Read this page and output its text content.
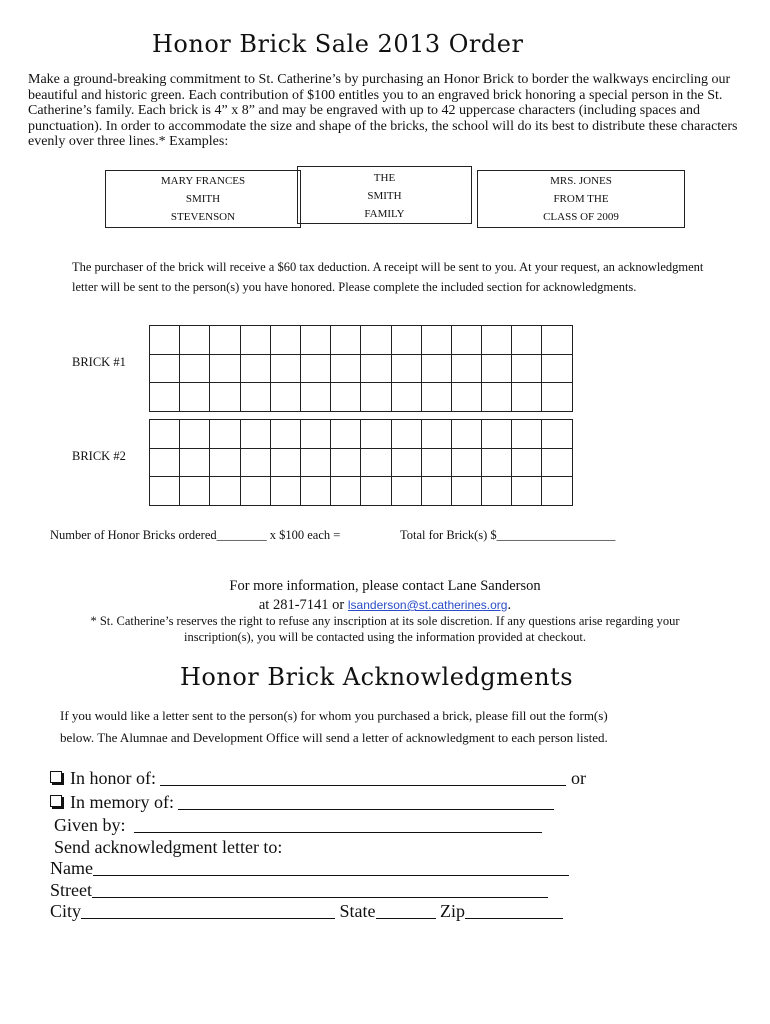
Honor Brick Sale 2013 Order

Make a ground-breaking commitment to St. Catherine’s by purchasing an Honor Brick to border the walkways encircling our beautiful and historic green. Each contribution of $100 entitles you to an engraved brick honoring a special person in the St. Catherine’s family. Each brick is 4” x 8” and may be engraved with up to 42 uppercase characters (including spaces and punctuation). In order to accommodate the size and shape of the bricks, the school will do its best to distribute these characters evenly over three lines.* Examples:

MARY FRANCES
SMITH
STEVENSON
THE
SMITH
FAMILY
MRS. JONES
FROM THE
CLASS OF 2009
The purchaser of the brick will receive a $60 tax deduction. A receipt will be sent to you. At your request, an acknowledgment letter will be sent to the person(s) you have honored. Please complete the included section for acknowledgments.
BRICK #1

BRICK #2

Number of Honor Bricks ordered________ x $100 each =	Total for Brick(s) $___________________
For more information, please contact Lane Sanderson
at 281-7141 or lsanderson@st.catherines.org.
* St. Catherine’s reserves the right to refuse any inscription at its sole discretion. If any questions arise regarding your
inscription(s), you will be contacted using the information provided at checkout.
Honor Brick Acknowledgments
If you would like a letter sent to the person(s) for whom you purchased a brick, please fill out the form(s)
below. The Alumnae and Development Office will send a letter of acknowledgment to each person listed.
In honor of:	or
In memory of:
Given by:
Send acknowledgment letter to:
Name
Street
City	State	Zip
